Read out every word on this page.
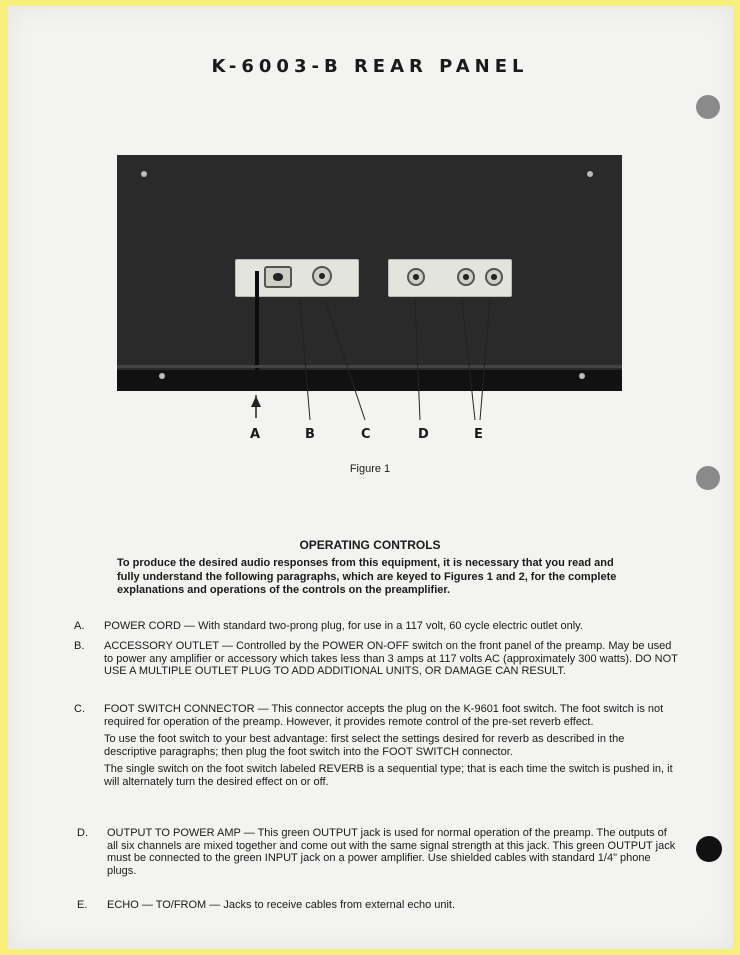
K-6003-B REAR PANEL
A	B	C	D	E
Figure 1
OPERATING CONTROLS
To produce the desired audio responses from this equipment, it is necessary that you read and fully understand the following paragraphs, which are keyed to Figures 1 and 2, for the complete explanations and operations of the controls on the preamplifier.
A. POWER CORD — With standard two-prong plug, for use in a 117 volt, 60 cycle electric outlet only.

B. ACCESSORY OUTLET — Controlled by the POWER ON-OFF switch on the front panel of the preamp. May be used to power any amplifier or accessory which takes less than 3 amps at 117 volts AC (approximately 300 watts). DO NOT USE A MULTIPLE OUTLET PLUG TO ADD ADDITIONAL UNITS, OR DAMAGE CAN RESULT.

C. FOOT SWITCH CONNECTOR — This connector accepts the plug on the K-9601 foot switch. The foot switch is not required for operation of the preamp. However, it provides remote control of the pre-set reverb effect.

To use the foot switch to your best advantage: first select the settings desired for reverb as described in the descriptive paragraphs; then plug the foot switch into the FOOT SWITCH connector.

The single switch on the foot switch labeled REVERB is a sequential type; that is each time the switch is pushed in, it will alternately turn the desired effect on or off.

D. OUTPUT TO POWER AMP — This green OUTPUT jack is used for normal operation of the preamp. The outputs of all six channels are mixed together and come out with the same signal strength at this jack. This green OUTPUT jack must be connected to the green INPUT jack on a power amplifier. Use shielded cables with standard 1/4" phone plugs.

E. ECHO — TO/FROM — Jacks to receive cables from external echo unit.
